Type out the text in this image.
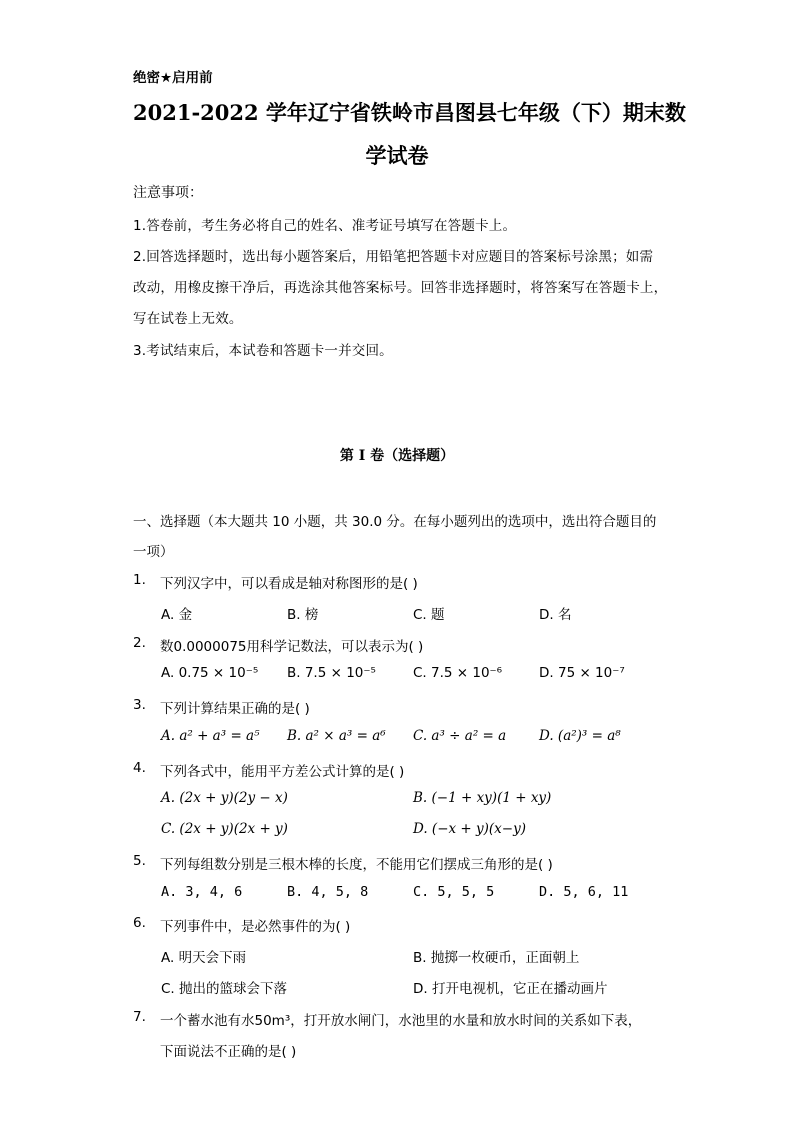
绝密★启用前
2021-2022 学年辽宁省铁岭市昌图县七年级（下）期末数
学试卷
注意事项：
1.答卷前，考生务必将自己的姓名、准考证号填写在答题卡上。
2.回答选择题时，选出每小题答案后，用铅笔把答题卡对应题目的答案标号涂黑；如需
改动，用橡皮擦干净后，再选涂其他答案标号。回答非选择题时，将答案写在答题卡上，
写在试卷上无效。
3.考试结束后，本试卷和答题卡一并交回。
第 I 卷（选择题）
一、选择题（本大题共 10 小题，共 30.0 分。在每小题列出的选项中，选出符合题目的
一项）
1. 下列汉字中，可以看成是轴对称图形的是( )
A. 金	B. 榜	C. 题	D. 名
2. 数0.0000075用科学记数法，可以表示为( )
A. 0.75 × 10⁻⁵ B. 7.5 × 10⁻⁵	C. 7.5 × 10⁻⁶	D. 75 × 10⁻⁷
3. 下列计算结果正确的是( )
A. a² + a³ = a⁵ B. a² × a³ = a⁶ C. a³ ÷ a² = a D. (a²)³ = a⁸
4. 下列各式中，能用平方差公式计算的是( )
A. (2x + y)(2y − x)	B. (−1 + xy)(1 + xy)
C. (2x + y)(2x + y)	D. (−x + y)(x−y)
5. 下列每组数分别是三根木棒的长度，不能用它们摆成三角形的是( )
A. 3, 4, 6	B. 4, 5, 8	C. 5, 5, 5	D. 5, 6, 11
6. 下列事件中，是必然事件的为( )
A. 明天会下雨	B. 抛掷一枚硬币，正面朝上
C. 抛出的篮球会下落	D. 打开电视机，它正在播动画片
7. 一个蓄水池有水50m³，打开放水闸门，水池里的水量和放水时间的关系如下表，
下面说法不正确的是( )
